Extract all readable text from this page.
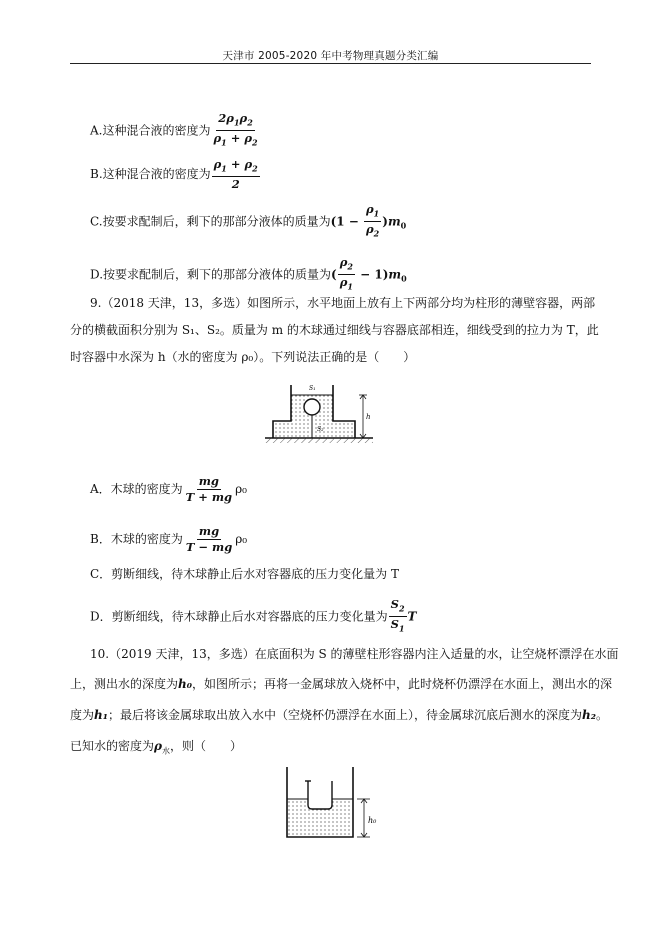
天津市 2005-2020 年中考物理真题分类汇编
A.这种混合液的密度为 $\frac{2\rho_1\rho_2}{\rho_1 + \rho_2}$
B.这种混合液的密度为 $\frac{\rho_1 + \rho_2}{2}$
C.按要求配制后，剩下的那部分液体的质量为$(1 - \frac{\rho_1}{\rho_2} )m_0$
D.按要求配制后，剩下的那部分液体的质量为( $\frac{\rho_2}{\rho_1} - 1)m_0$
9.（2018 天津，13，多选）如图所示，水平地面上放有上下两部分均为柱形的薄壁容器，两部
分的横截面积分别为 S₁、S₂。质量为 m 的木球通过细线与容器底部相连，细线受到的拉力为 T，此
时容器中水深为 h（水的密度为 ρ₀）。下列说法正确的是（　　）
h
S₁
S₂
A．木球的密度为 $\frac{mg}{T + mg} \rho_0$
B．木球的密度为 $\frac{mg}{T - mg} \rho_0$
C．剪断细线，待木球静止后水对容器底的压力变化量为 T
D．剪断细线，待木球静止后水对容器底的压力变化量为 $\frac{S_2}{S_1}$ T
10.（2019 天津，13，多选）在底面积为 S 的薄壁柱形容器内注入适量的水，让空烧杯漂浮在水面
上，测出水的深度为h₀，如图所示；再将一金属球放入烧杯中，此时烧杯仍漂浮在水面上，测出水的深
度为h₁；最后将该金属球取出放入水中（空烧杯仍漂浮在水面上），待金属球沉底后测水的深度为h₂。
已知水的密度为$\rho_水$，则（　　）
h₀
